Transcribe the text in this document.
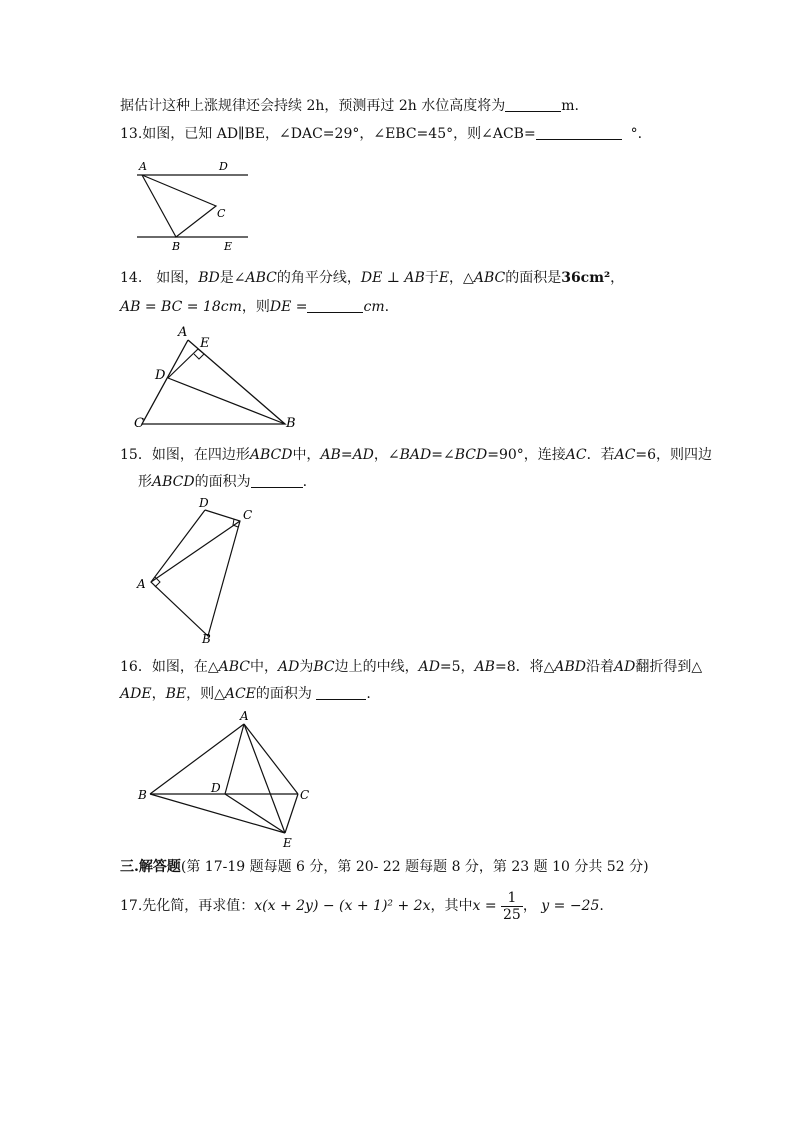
据估计这种上涨规律还会持续 2h，预测再过 2h 水位高度将为	m.
13.如图，已知 AD∥BE，∠DAC=29°，∠EBC=45°，则∠ACB=	°.
A	D
C
B	E
14.　如图，BD是∠ABC的角平分线，DE ⊥ AB于E，△ABC的面积是36cm²，
AB = BC = 18cm，则DE =	cm.
A
E
D
C	B
15．如图，在四边形ABCD中，AB=AD，∠BAD=∠BCD=90°，连接AC．若AC=6，则四边
形ABCD的面积为	.
D
C
A
B
16．如图，在△ABC中，AD为BC边上的中线，AD=5，AB=8．将△ABD沿着AD翻折得到△
ADE，BE，则△ACE的面积为	.
A
B	D	C
E
三.解答题(第 17-19 题每题 6 分，第 20- 22 题每题 8 分，第 23 题 10 分共 52 分)
17.先化简，再求值：x(x + 2y) − (x + 1)² + 2x，其中$x = \frac{1}{25}$ ， y = −25.
